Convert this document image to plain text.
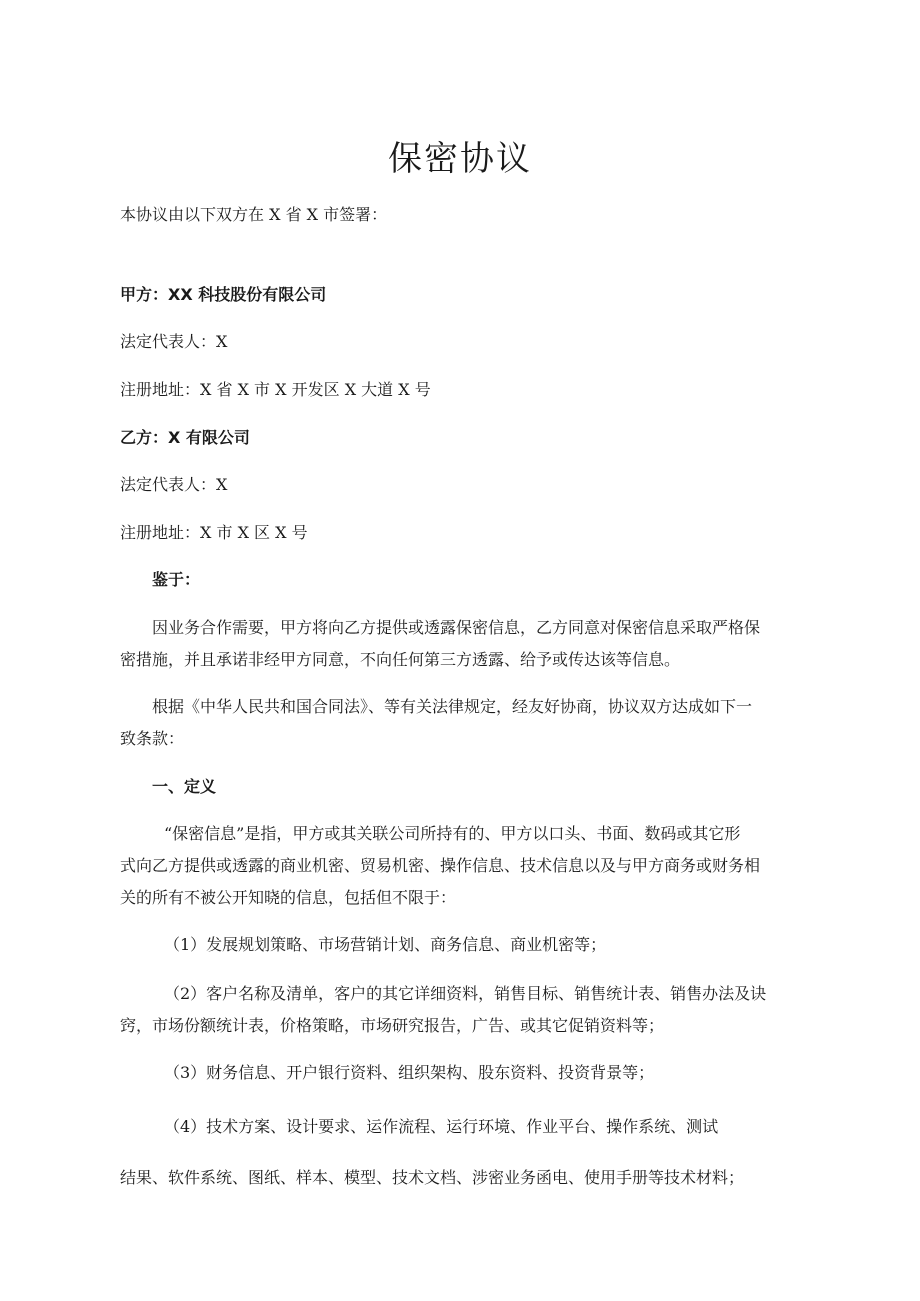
保密协议
本协议由以下双方在 X 省 X 市签署：
甲方：XX 科技股份有限公司
法定代表人：X
注册地址：X 省 X 市 X 开发区 X 大道 X 号
乙方：X 有限公司
法定代表人：X
注册地址：X 市 X 区 X 号
鉴于：
因业务合作需要，甲方将向乙方提供或透露保密信息，乙方同意对保密信息采取严格保
密措施，并且承诺非经甲方同意，不向任何第三方透露、给予或传达该等信息。
根据《中华人民共和国合同法》、等有关法律规定，经友好协商，协议双方达成如下一
致条款：
一、定义
“保密信息”是指，甲方或其关联公司所持有的、甲方以口头、书面、数码或其它形
式向乙方提供或透露的商业机密、贸易机密、操作信息、技术信息以及与甲方商务或财务相
关的所有不被公开知晓的信息，包括但不限于：
（1）发展规划策略、市场营销计划、商务信息、商业机密等；
（2）客户名称及清单，客户的其它详细资料，销售目标、销售统计表、销售办法及诀
窍，市场份额统计表，价格策略，市场研究报告，广告、或其它促销资料等；
（3）财务信息、开户银行资料、组织架构、股东资料、投资背景等；
（4）技术方案、设计要求、运作流程、运行环境、作业平台、操作系统、测试
结果、软件系统、图纸、样本、模型、技术文档、涉密业务函电、使用手册等技术材料；
